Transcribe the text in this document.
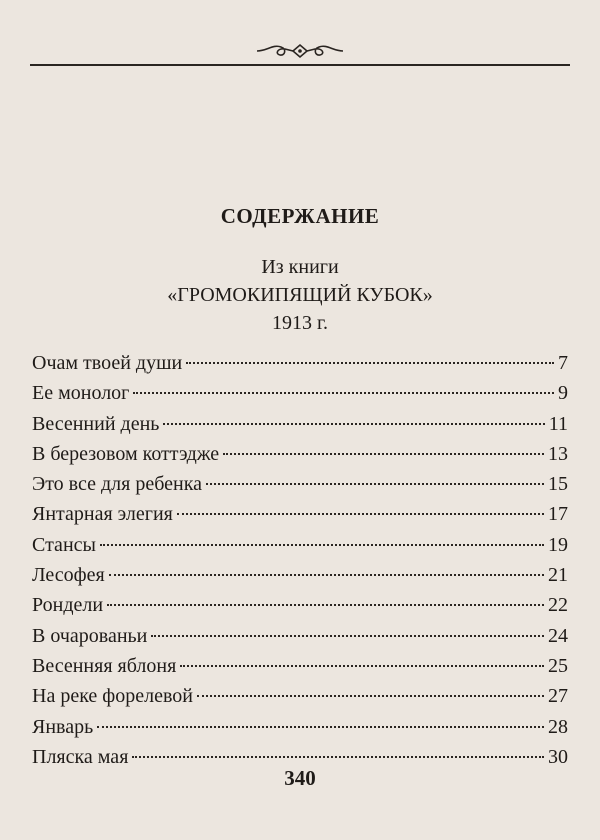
СОДЕРЖАНИЕ
Из книги
«ГРОМОКИПЯЩИЙ КУБОК»
1913 г.
Очам твоей души	7
Ее монолог	9
Весенний день	11
В березовом коттэдже	13
Это все для ребенка	15
Янтарная элегия	17
Стансы	19
Лесофея	21
Рондели	22
В очарованьи	24
Весенняя яблоня	25
На реке форелевой	27
Январь	28
Пляска мая	30
340
